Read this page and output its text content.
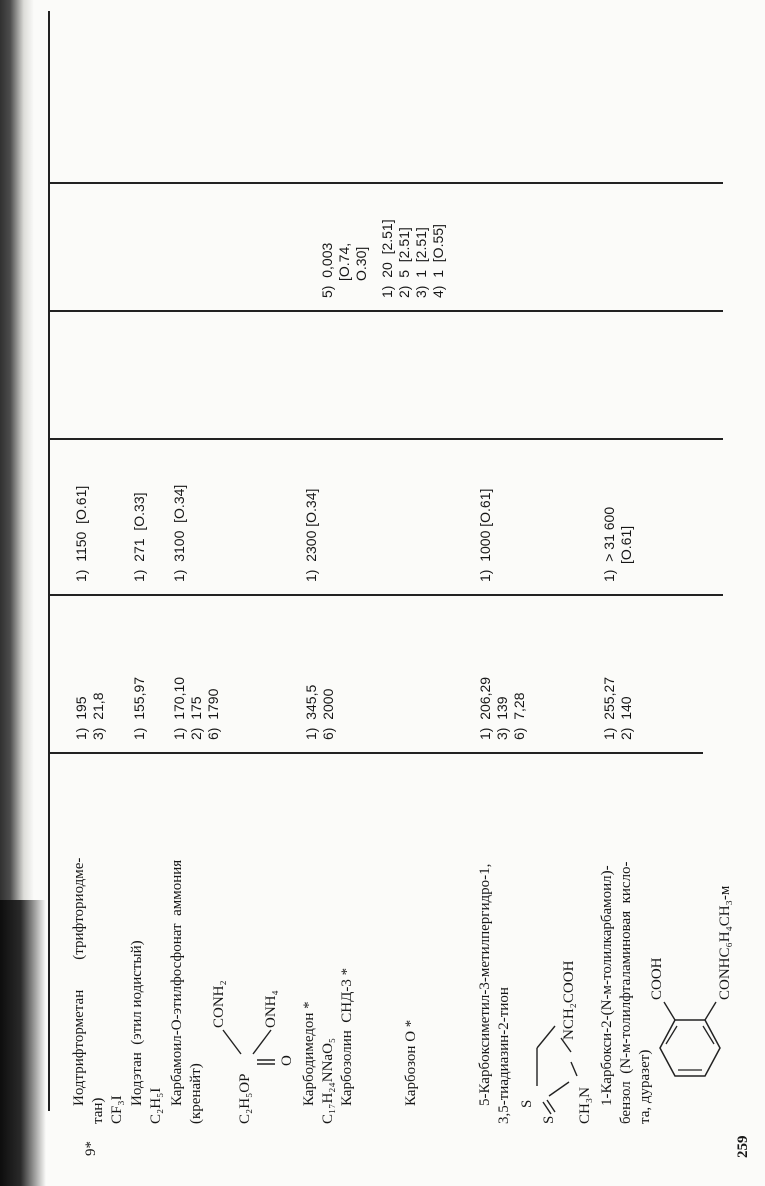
Иодтрифторметан        (трифториодме-
тан) CF₃I
1)  195 3)  21,8
1)  1150  [O.61]
Иодэтан  (этил иодистый) C₂H₅I
1)  155,97
1)  271  [O.33]
Карбамоил-О-этилфосфонат  аммония (кренайт)
1)  170,10 2)  175 6)  1790
1)  3100  [O.34]
CONH₂
C₂H₅OP
ONH₄
O Карбодимедон * C₁₇H₂₄NNaO₅
1)  345,5 6)  2000
1)  2300 [O.34]
Карбозолин  СНД-3 *
5)  0,003 [O.74, O.30]
Карбозон О *
1)  20  [2.51] 2)  5  [2.51] 3)  1  [2.51] 4)  1  [O.55]
5-Карбоксиметил-3-метилпергидро-1, 3,5-тиадиазин-2-тион
1)  206,29 3)  139 6)  7,28
1)  1000 [O.61]
S
S CH₃N
NCH₂COOH 1-Карбокси-2-(N-м-толилкарбамоил)- бензол  (N-м-толилфталаминовая  кисло- та, дуразет)
1)  255,27 2)  140
1)  > 31 600 [O.61]
COOH	CONHC₆H₄CH₃-м
259
9*
